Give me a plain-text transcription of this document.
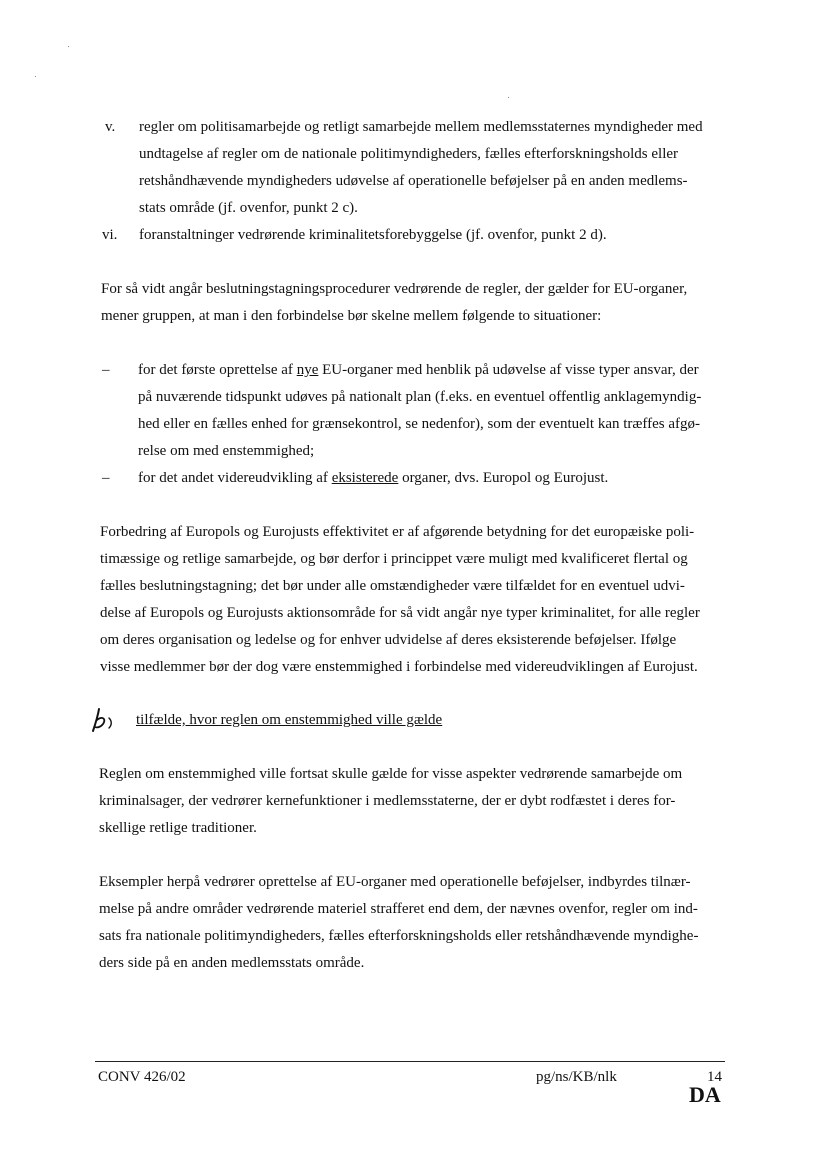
v. regler om politisamarbejde og retligt samarbejde mellem medlemsstaternes myndigheder med
undtagelse af regler om de nationale politimyndigheders, fælles efterforskningsholds eller
retshåndhævende myndigheders udøvelse af operationelle beføjelser på en anden medlems-
stats område (jf. ovenfor, punkt 2 c).
vi. foranstaltninger vedrørende kriminalitetsforebyggelse (jf. ovenfor, punkt 2 d).
For så vidt angår beslutningstagningsprocedurer vedrørende de regler, der gælder for EU-organer,
mener gruppen, at man i den forbindelse bør skelne mellem følgende to situationer:
– for det første oprettelse af nye EU-organer med henblik på udøvelse af visse typer ansvar, der
på nuværende tidspunkt udøves på nationalt plan (f.eks. en eventuel offentlig anklagemyndig-
hed eller en fælles enhed for grænsekontrol, se nedenfor), som der eventuelt kan træffes afgø-
relse om med enstemmighed;
– for det andet videreudvikling af eksisterede organer, dvs. Europol og Eurojust.
Forbedring af Europols og Eurojusts effektivitet er af afgørende betydning for det europæiske poli-
timæssige og retlige samarbejde, og bør derfor i princippet være muligt med kvalificeret flertal og
fælles beslutningstagning; det bør under alle omstændigheder være tilfældet for en eventuel udvi-
delse af Europols og Eurojusts aktionsområde for så vidt angår nye typer kriminalitet, for alle regler
om deres organisation og ledelse og for enhver udvidelse af deres eksisterende beføjelser. Ifølge
visse medlemmer bør der dog være enstemmighed i forbindelse med videreudviklingen af Eurojust.
tilfælde, hvor reglen om enstemmighed ville gælde
Reglen om enstemmighed ville fortsat skulle gælde for visse aspekter vedrørende samarbejde om
kriminalsager, der vedrører kernefunktioner i medlemsstaterne, der er dybt rodfæstet i deres for-
skellige retlige traditioner.
Eksempler herpå vedrører oprettelse af EU-organer med operationelle beføjelser, indbyrdes tilnær-
melse på andre områder vedrørende materiel strafferet end dem, der nævnes ovenfor, regler om ind-
sats fra nationale politimyndigheders, fælles efterforskningsholds eller retshåndhævende myndighe-
ders side på en anden medlemsstats område.
CONV 426/02	pg/ns/KB/nlk	14
DA
